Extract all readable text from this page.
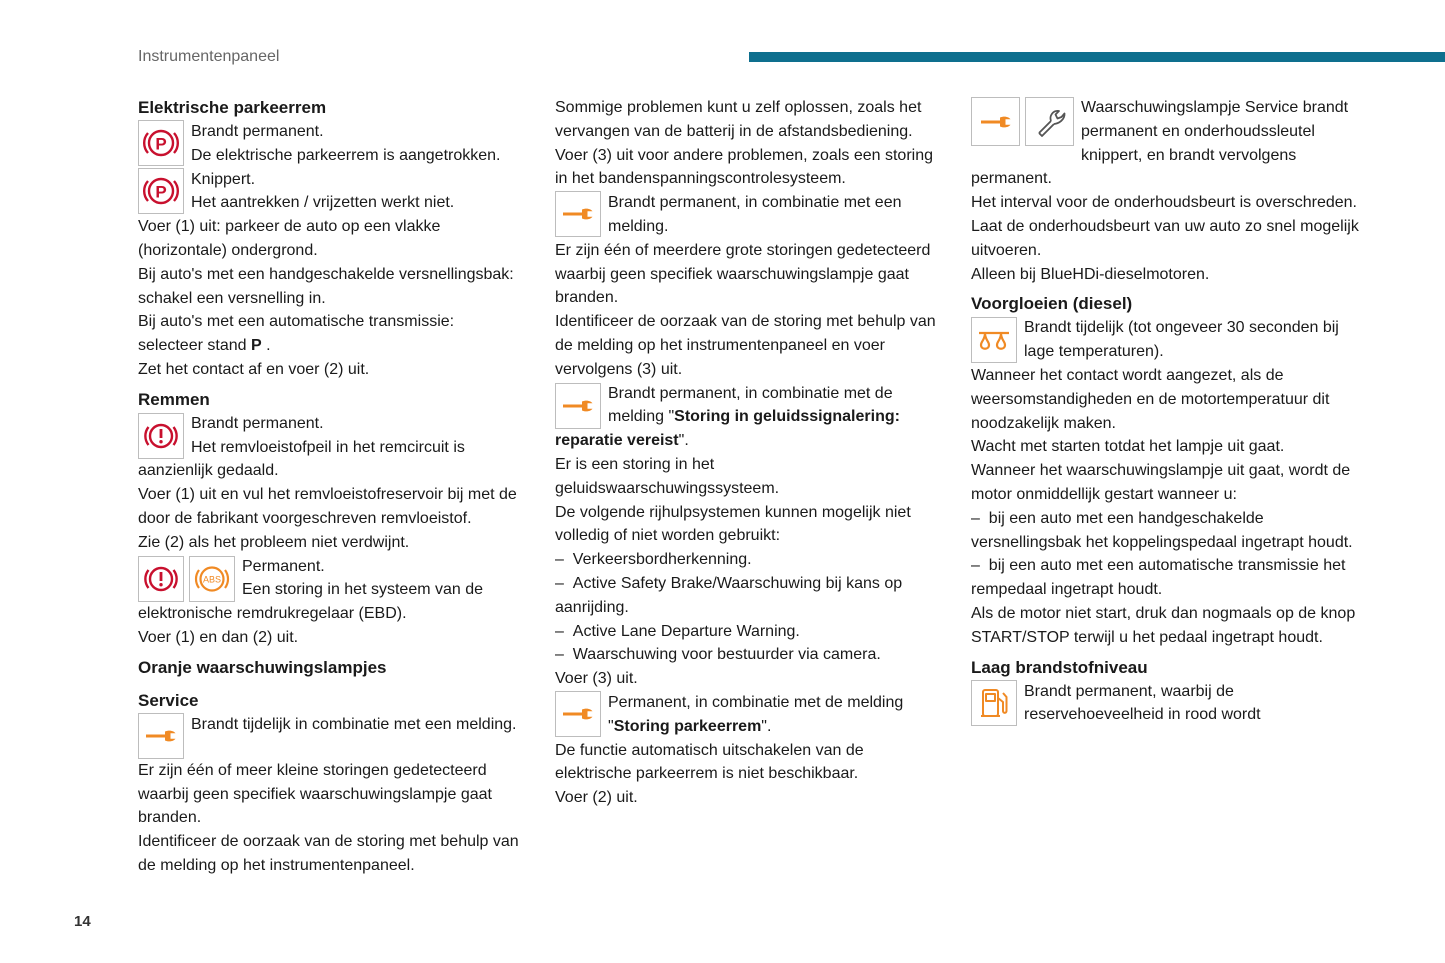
Instrumentenpaneel
Elektrische parkeerrem
P

Brandt permanent.

De elektrische parkeerrem is aangetrokken.

P

Knippert.

Het aantrekken / vrijzetten werkt niet.

Voer (1) uit: parkeer de auto op een vlakke (horizontale) ondergrond.

Bij auto's met een handgeschakelde versnellingsbak: schakel een versnelling in.

Bij auto's met een automatische transmissie: selecteer stand P .

Zet het contact af en voer (2) uit.

Remmen

Brandt permanent.

Het remvloeistofpeil in het remcircuit is aanzienlijk gedaald.

Voer (1) uit en vul het remvloeistofreservoir bij met de door de fabrikant voorgeschreven remvloeistof.

Zie (2) als het probleem niet verdwijnt.

ABS

Permanent.

Een storing in het systeem van de elektronische remdrukregelaar (EBD).

Voer (1) en dan (2) uit.

Oranje waarschuwingslampjes
Service

Brandt tijdelijk in combinatie met een melding.

Er zijn één of meer kleine storingen gedetecteerd waarbij geen specifiek waarschuwingslampje gaat branden.

Identificeer de oorzaak van de storing met behulp van de melding op het instrumentenpaneel.

Sommige problemen kunt u zelf oplossen, zoals het vervangen van de batterij in de afstandsbediening.

Voer (3) uit voor andere problemen, zoals een storing in het bandenspanningscontrolesysteem.

Brandt permanent, in combinatie met een melding.

Er zijn één of meerdere grote storingen gedetecteerd waarbij geen specifiek waarschuwingslampje gaat branden.

Identificeer de oorzaak van de storing met behulp van de melding op het instrumentenpaneel en voer vervolgens (3) uit.

Brandt permanent, in combinatie met de melding "Storing in geluidssignalering: reparatie vereist".

Er is een storing in het geluidswaarschuwingssysteem.

De volgende rijhulpsystemen kunnen mogelijk niet volledig of niet worden gebruikt:

–  Verkeersbordherkenning.

–  Active Safety Brake/Waarschuwing bij kans op aanrijding.

–  Active Lane Departure Warning.

–  Waarschuwing voor bestuurder via camera.

Voer (3) uit.

Permanent, in combinatie met de melding

"Storing parkeerrem".

De functie automatisch uitschakelen van de elektrische parkeerrem is niet beschikbaar.

Voer (2) uit.

Waarschuwingslampje Service brandt permanent en onderhoudssleutel knippert, en brandt vervolgens permanent.

Het interval voor de onderhoudsbeurt is overschreden.

Laat de onderhoudsbeurt van uw auto zo snel mogelijk uitvoeren.

Alleen bij BlueHDi-dieselmotoren.

Voorgloeien (diesel)

Brandt tijdelijk (tot ongeveer 30 seconden bij lage temperaturen).

Wanneer het contact wordt aangezet, als de weersomstandigheden en de motortemperatuur dit noodzakelijk maken.

Wacht met starten totdat het lampje uit gaat.

Wanneer het waarschuwingslampje uit gaat, wordt de motor onmiddellijk gestart wanneer u:

–  bij een auto met een handgeschakelde versnellingsbak het koppelingspedaal ingetrapt houdt.

–  bij een auto met een automatische transmissie het rempedaal ingetrapt houdt.

Als de motor niet start, druk dan nogmaals op de knop START/STOP terwijl u het pedaal ingetrapt houdt.

Laag brandstofniveau

Brandt permanent, waarbij de reservehoeveelheid in rood wordt

14
